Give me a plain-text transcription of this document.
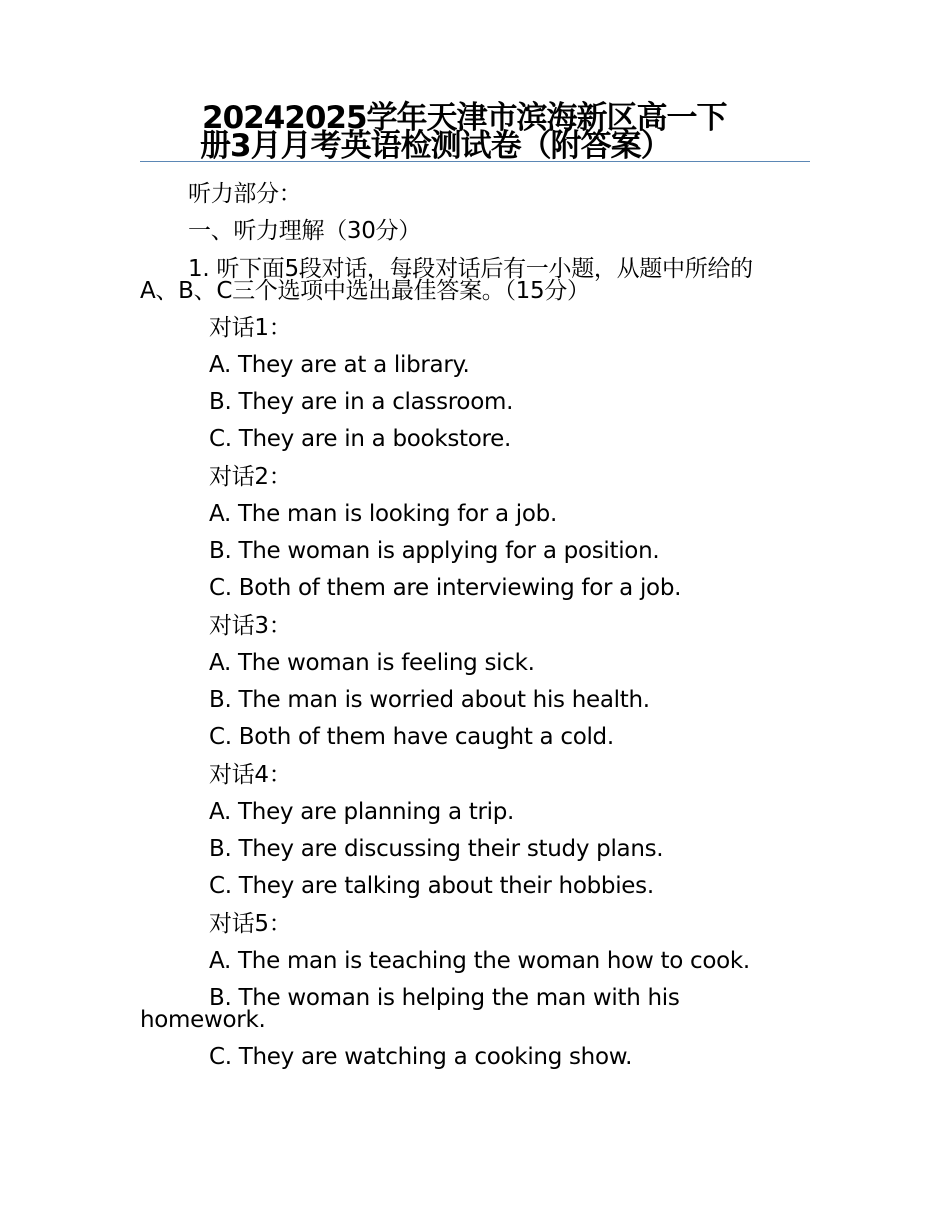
20242025学年天津市滨海新区高一下
册3月月考英语检测试卷（附答案）
听力部分：
一、听力理解（30分）
1. 听下面5段对话，每段对话后有一小题，从题中所给的
A、B、C三个选项中选出最佳答案。（15分）
对话1：
A. They are at a library.
B. They are in a classroom.
C. They are in a bookstore.
对话2：
A. The man is looking for a job.
B. The woman is applying for a position.
C. Both of them are interviewing for a job.
对话3：
A. The woman is feeling sick.
B. The man is worried about his health.
C. Both of them have caught a cold.
对话4：
A. They are planning a trip.
B. They are discussing their study plans.
C. They are talking about their hobbies.
对话5：
A. The man is teaching the woman how to cook.
B. The woman is helping the man with his
homework.
C. They are watching a cooking show.
